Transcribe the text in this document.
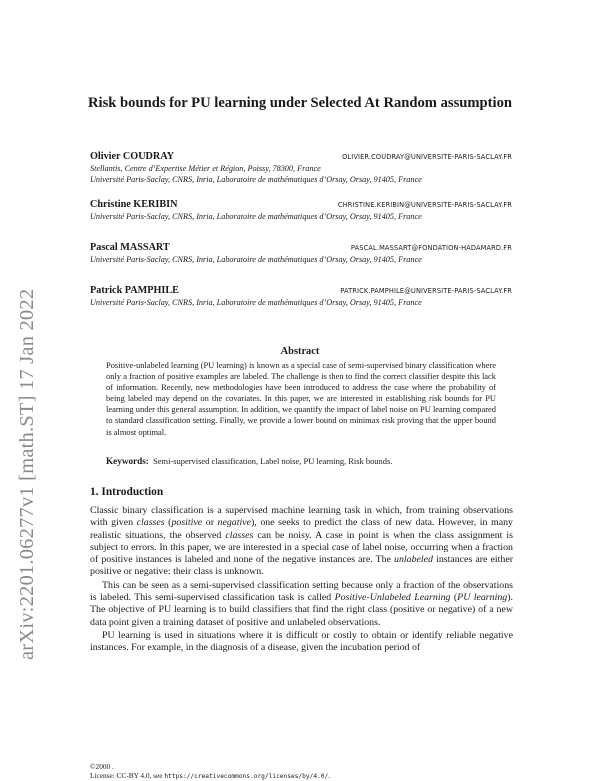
arXiv:2201.06277v1 [math.ST] 17 Jan 2022
Risk bounds for PU learning under Selected At Random assumption
Olivier COUDRAY	OLIVIER.COUDRAY@UNIVERSITE-PARIS-SACLAY.FR
Stellantis, Centre d’Expertise Métier et Région, Poissy, 78300, France
Université Paris-Saclay, CNRS, Inria, Laboratoire de mathématiques d’Orsay, Orsay, 91405, France
Christine KERIBIN	CHRISTINE.KERIBIN@UNIVERSITE-PARIS-SACLAY.FR
Université Paris-Saclay, CNRS, Inria, Laboratoire de mathématiques d’Orsay, Orsay, 91405, France
Pascal MASSART	PASCAL.MASSART@FONDATION-HADAMARD.FR
Université Paris-Saclay, CNRS, Inria, Laboratoire de mathématiques d’Orsay, Orsay, 91405, France
Patrick PAMPHILE	PATRICK.PAMPHILE@UNIVERSITE-PARIS-SACLAY.FR
Université Paris-Saclay, CNRS, Inria, Laboratoire de mathématiques d’Orsay, Orsay, 91405, France
Abstract
Positive-unlabeled learning (PU learning) is known as a special case of semi-supervised binary classification where only a fraction of positive examples are labeled. The challenge is then to find the correct classifier despite this lack of information. Recently, new methodologies have been introduced to address the case where the probability of being labeled may depend on the covariates. In this paper, we are interested in establishing risk bounds for PU learning under this general assumption. In addition, we quantify the impact of label noise on PU learning compared to standard classification setting. Finally, we provide a lower bound on minimax risk proving that the upper bound is almost optimal.
Keywords: Semi-supervised classification, Label noise, PU learning, Risk bounds.
1. Introduction

Classic binary classification is a supervised machine learning task in which, from training observations with given classes (positive or negative), one seeks to predict the class of new data. However, in many realistic situations, the observed classes can be noisy. A case in point is when the class assignment is subject to errors. In this paper, we are interested in a special case of label noise, occurring when a fraction of positive instances is labeled and none of the negative instances are. The unlabeled instances are either positive or negative: their class is unknown.

This can be seen as a semi-supervised classification setting because only a fraction of the observations is labeled. This semi-supervised classification task is called Positive-Unlabeled Learning (PU learning). The objective of PU learning is to build classifiers that find the right class (positive or negative) of a new data point given a training dataset of positive and unlabeled observations.

PU learning is used in situations where it is difficult or costly to obtain or identify reliable negative instances. For example, in the diagnosis of a disease, given the incubation period of

©2000 .
License: CC-BY 4.0, see https://creativecommons.org/licenses/by/4.0/.
